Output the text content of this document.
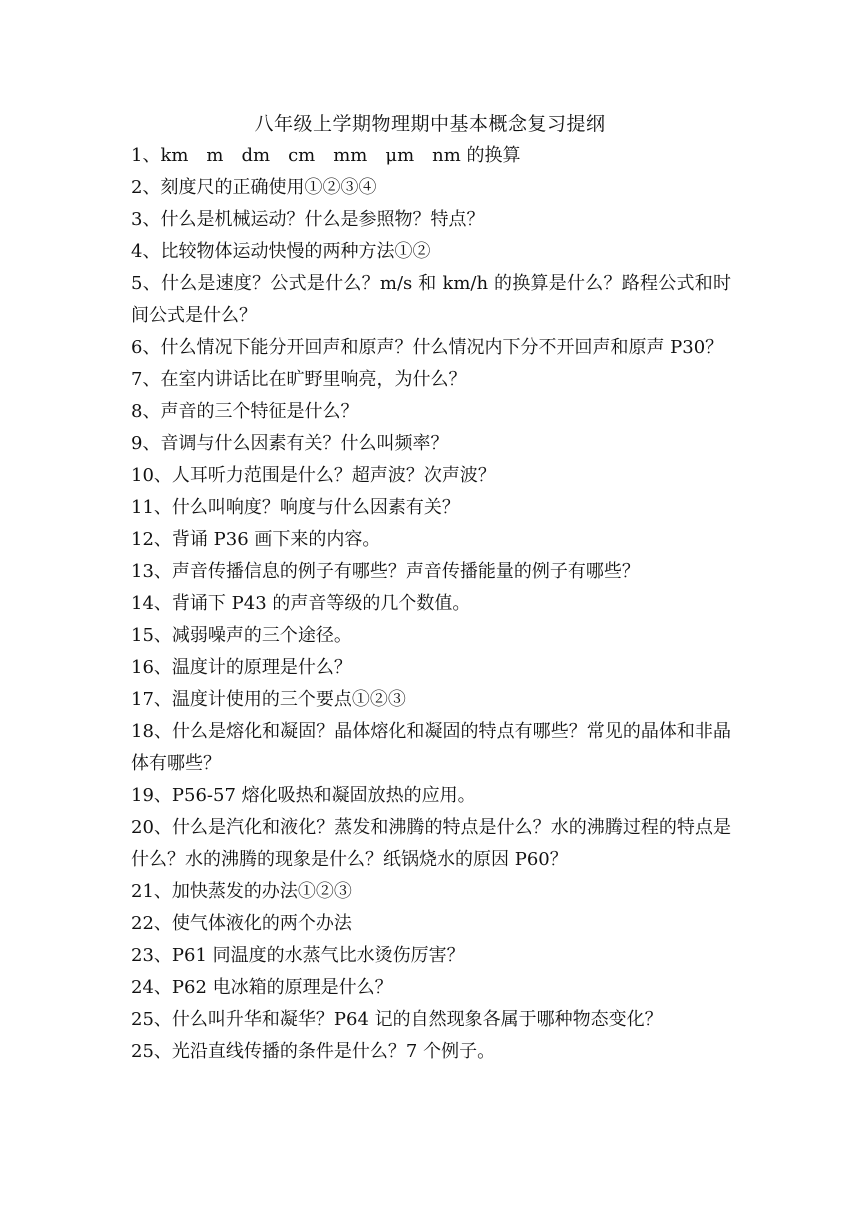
八年级上学期物理期中基本概念复习提纲
1、km　m　dm　cm　mm　μm　nm 的换算
2、刻度尺的正确使用①②③④
3、什么是机械运动？什么是参照物？特点？
4、比较物体运动快慢的两种方法①②
5、什么是速度？公式是什么？m/s 和 km/h 的换算是什么？路程公式和时间公式是什么？
6、什么情况下能分开回声和原声？什么情况内下分不开回声和原声 P30？
7、在室内讲话比在旷野里响亮，为什么？
8、声音的三个特征是什么？
9、音调与什么因素有关？什么叫频率？
10、人耳听力范围是什么？超声波？次声波？
11、什么叫响度？响度与什么因素有关？
12、背诵 P36 画下来的内容。
13、声音传播信息的例子有哪些？声音传播能量的例子有哪些？
14、背诵下 P43 的声音等级的几个数值。
15、减弱噪声的三个途径。
16、温度计的原理是什么？
17、温度计使用的三个要点①②③
18、什么是熔化和凝固？晶体熔化和凝固的特点有哪些？常见的晶体和非晶体有哪些？
19、P56-57 熔化吸热和凝固放热的应用。
20、什么是汽化和液化？蒸发和沸腾的特点是什么？水的沸腾过程的特点是什么？水的沸腾的现象是什么？纸锅烧水的原因 P60？
21、加快蒸发的办法①②③
22、使气体液化的两个办法
23、P61 同温度的水蒸气比水烫伤厉害？
24、P62 电冰箱的原理是什么？
25、什么叫升华和凝华？P64 记的自然现象各属于哪种物态变化？
25、光沿直线传播的条件是什么？7 个例子。
